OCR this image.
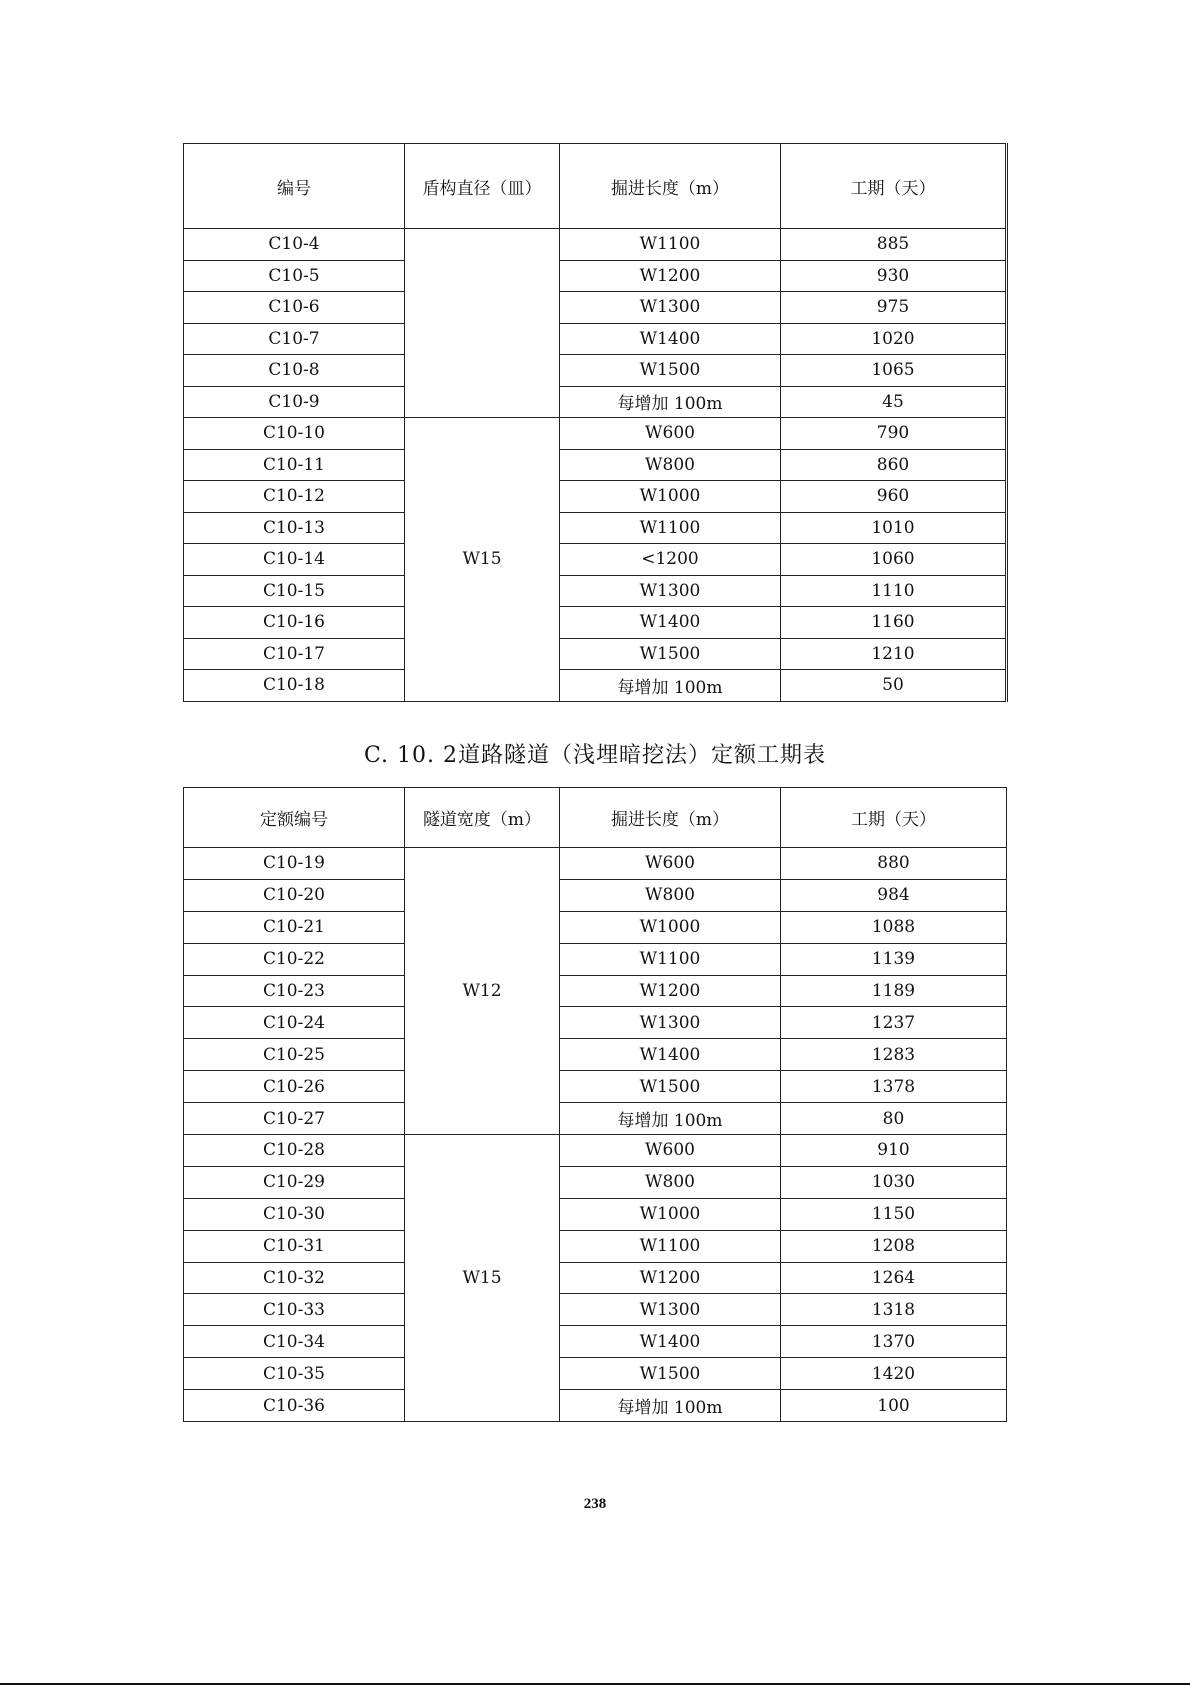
编号	盾构直径（皿）	掘进长度（m）	工期（天）
C10-4		W1100	885
C10-5		W1200	930
C10-6		W1300	975
C10-7		W1400	1020
C10-8		W1500	1065
C10-9		每增加 100m	45
C10-10	W15	W600	790
C10-11		W800	860
C10-12		W1000	960
C10-13		W1100	1010
C10-14		<1200	1060
C10-15		W1300	1110
C10-16		W1400	1160
C10-17		W1500	1210
C10-18		每增加 100m	50
C. 10. 2道路隧道（浅埋暗挖法）定额工期表
定额编号	隧道宽度（m）	掘进长度（m）	工期（天）
C10-19	W12	W600	880
C10-20		W800	984
C10-21		W1000	1088
C10-22		W1100	1139
C10-23		W1200	1189
C10-24		W1300	1237
C10-25		W1400	1283
C10-26		W1500	1378
C10-27		每增加 100m	80
C10-28	W15	W600	910
C10-29		W800	1030
C10-30		W1000	1150
C10-31		W1100	1208
C10-32		W1200	1264
C10-33		W1300	1318
C10-34		W1400	1370
C10-35		W1500	1420
C10-36		每增加 100m	100
238
